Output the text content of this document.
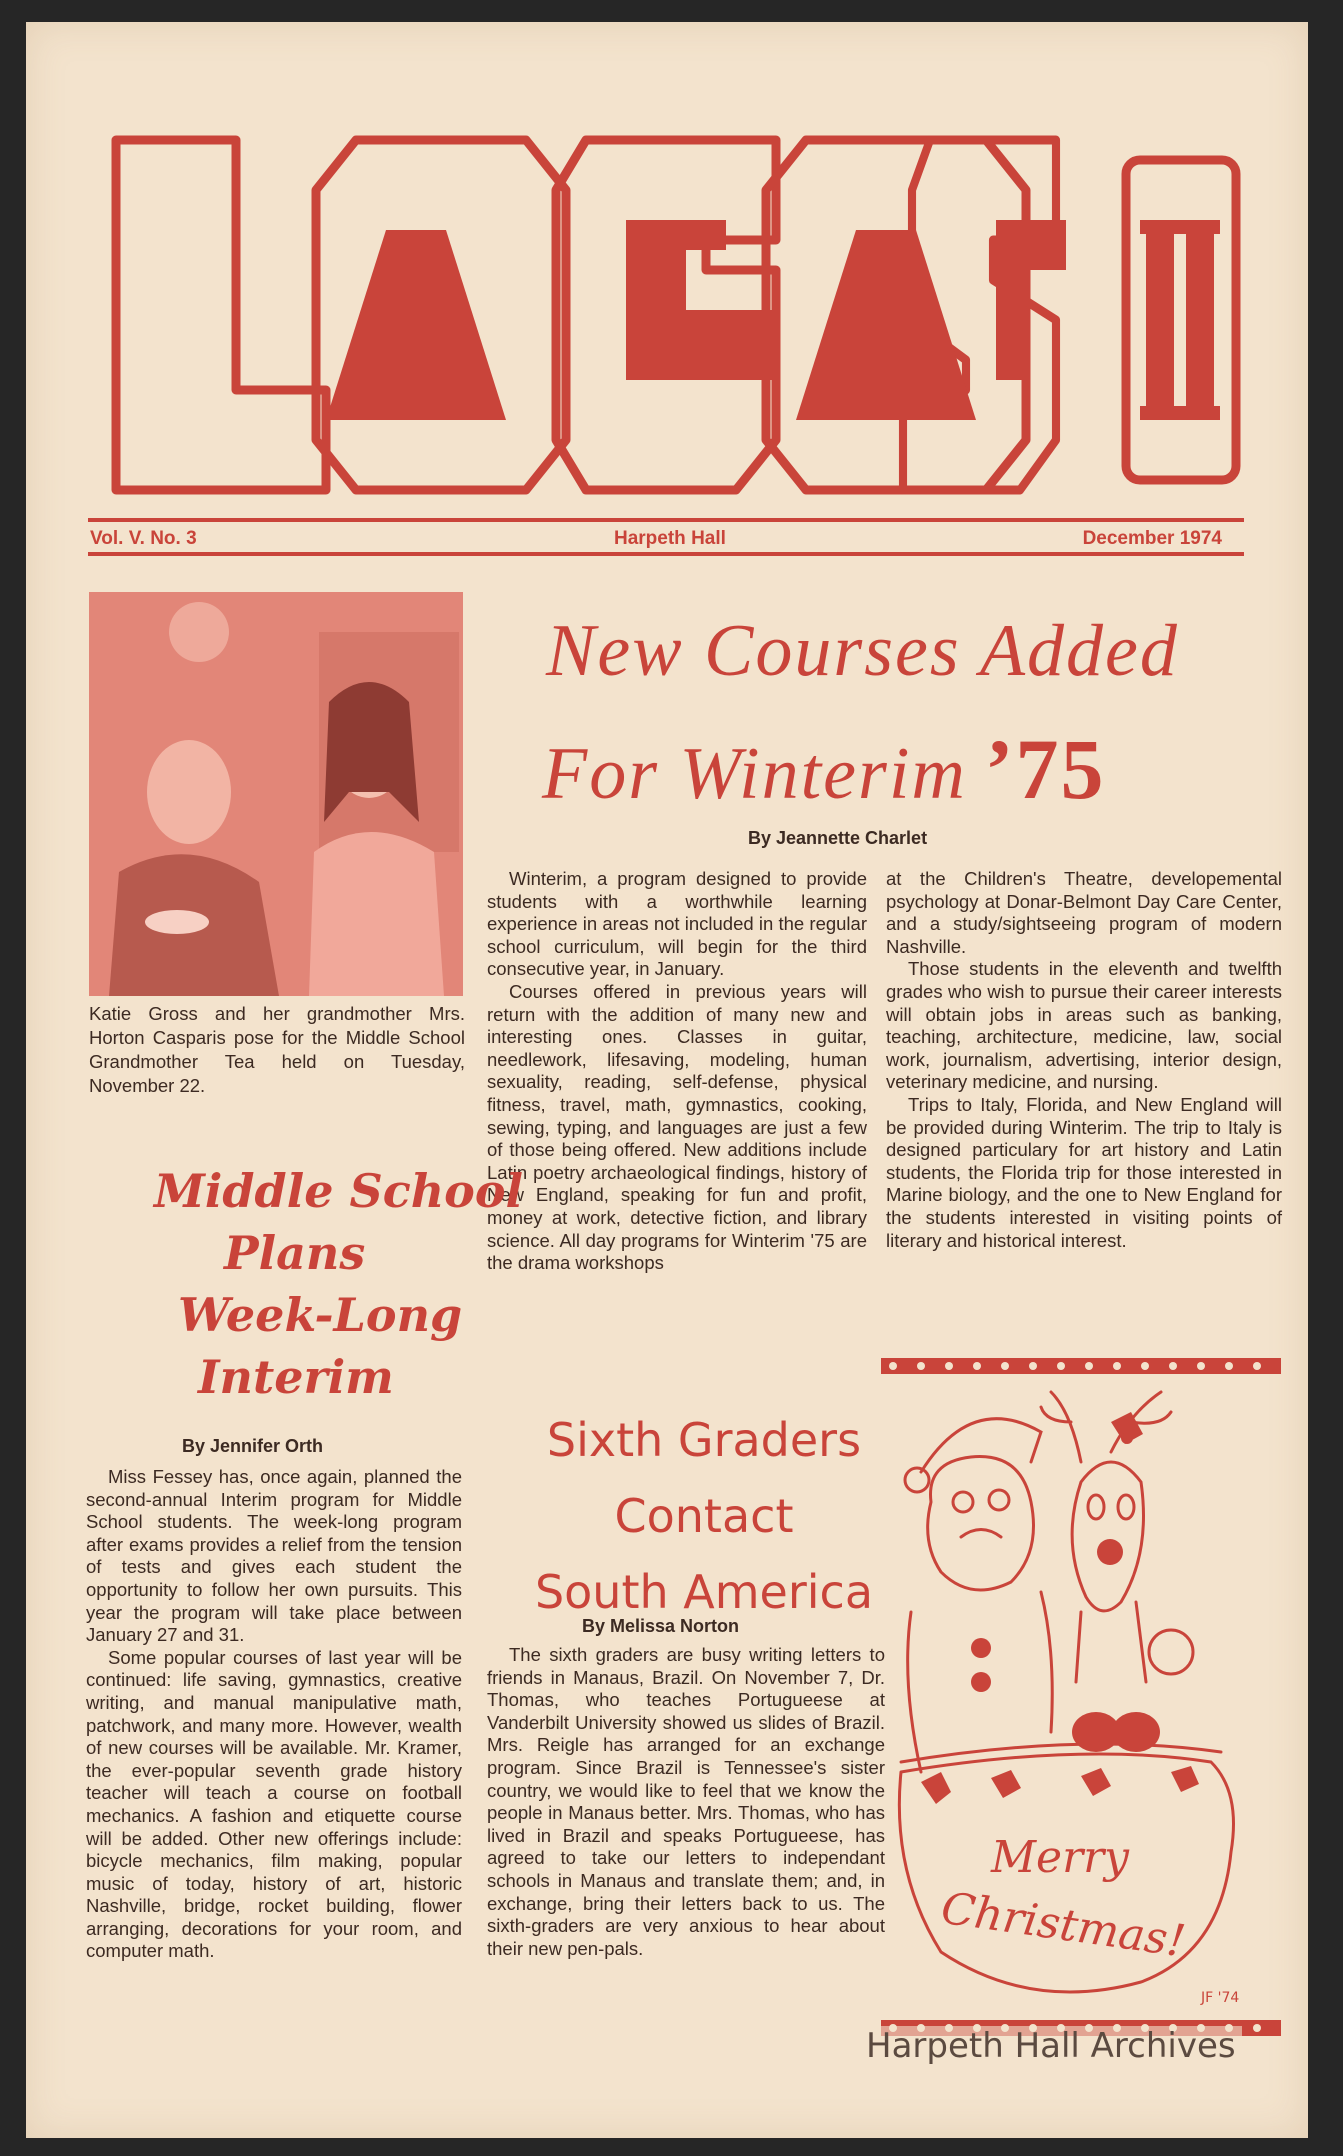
Vol. V. No. 3	Harpeth Hall	December 1974
Katie Gross and her grandmother Mrs. Horton Casparis pose for the Middle School Grandmother Tea held on Tuesday, November 22.
New Courses Added
For Winterim ’75
By Jeannette Charlet

Winterim, a program designed to provide students with a worthwhile learning experience in areas not included in the regular school curriculum, will begin for the third consecutive year, in January.

Courses offered in previous years will return with the addition of many new and interesting ones. Classes in guitar, needlework, lifesaving, modeling, human sexuality, reading, self-defense, physical fitness, travel, math, gymnastics, cooking, sewing, typing, and languages are just a few of those being offered. New additions include Latin poetry archaeological findings, history of New England, speaking for fun and profit, money at work, detective fiction, and library science. All day programs for Winterim '75 are the drama workshops

at the Children's Theatre, developemental psychology at Donar-Belmont Day Care Center, and a study/sightseeing program of modern Nashville.

Those students in the eleventh and twelfth grades who wish to pursue their career interests will obtain jobs in areas such as banking, teaching, architecture, medicine, law, social work, journalism, advertising, interior design, veterinary medicine, and nursing.

Trips to Italy, Florida, and New England will be provided during Winterim. The trip to Italy is designed particulary for art history and Latin students, the Florida trip for those interested in Marine biology, and the one to New England for the students interested in visiting points of literary and historical interest.

Middle School
Plans
Week-Long
Interim
By Jennifer Orth

Miss Fessey has, once again, planned the second-annual Interim program for Middle School students. The week-long program after exams provides a relief from the tension of tests and gives each student the opportunity to follow her own pursuits. This year the program will take place between January 27 and 31.

Some popular courses of last year will be continued: life saving, gymnastics, creative writing, and manual manipulative math, patchwork, and many more. However, wealth of new courses will be available. Mr. Kramer, the ever-popular seventh grade history teacher will teach a course on football mechanics. A fashion and etiquette course will be added. Other new offerings include: bicycle mechanics, film making, popular music of today, history of art, historic Nashville, bridge, rocket building, flower arranging, decorations for your room, and computer math.

Sixth Graders
Contact
South America
By Melissa Norton

The sixth graders are busy writing letters to friends in Manaus, Brazil. On November 7, Dr. Thomas, who teaches Portugueese at Vanderbilt University showed us slides of Brazil. Mrs. Reigle has arranged for an exchange program. Since Brazil is Tennessee's sister country, we would like to feel that we know the people in Manaus better. Mrs. Thomas, who has lived in Brazil and speaks Portugueese, has agreed to take our letters to independant schools in Manaus and translate them; and, in exchange, bring their letters back to us. The sixth-graders are very anxious to hear about their new pen-pals.

Merry
Christmas!
JF '74
Harpeth Hall Archives
